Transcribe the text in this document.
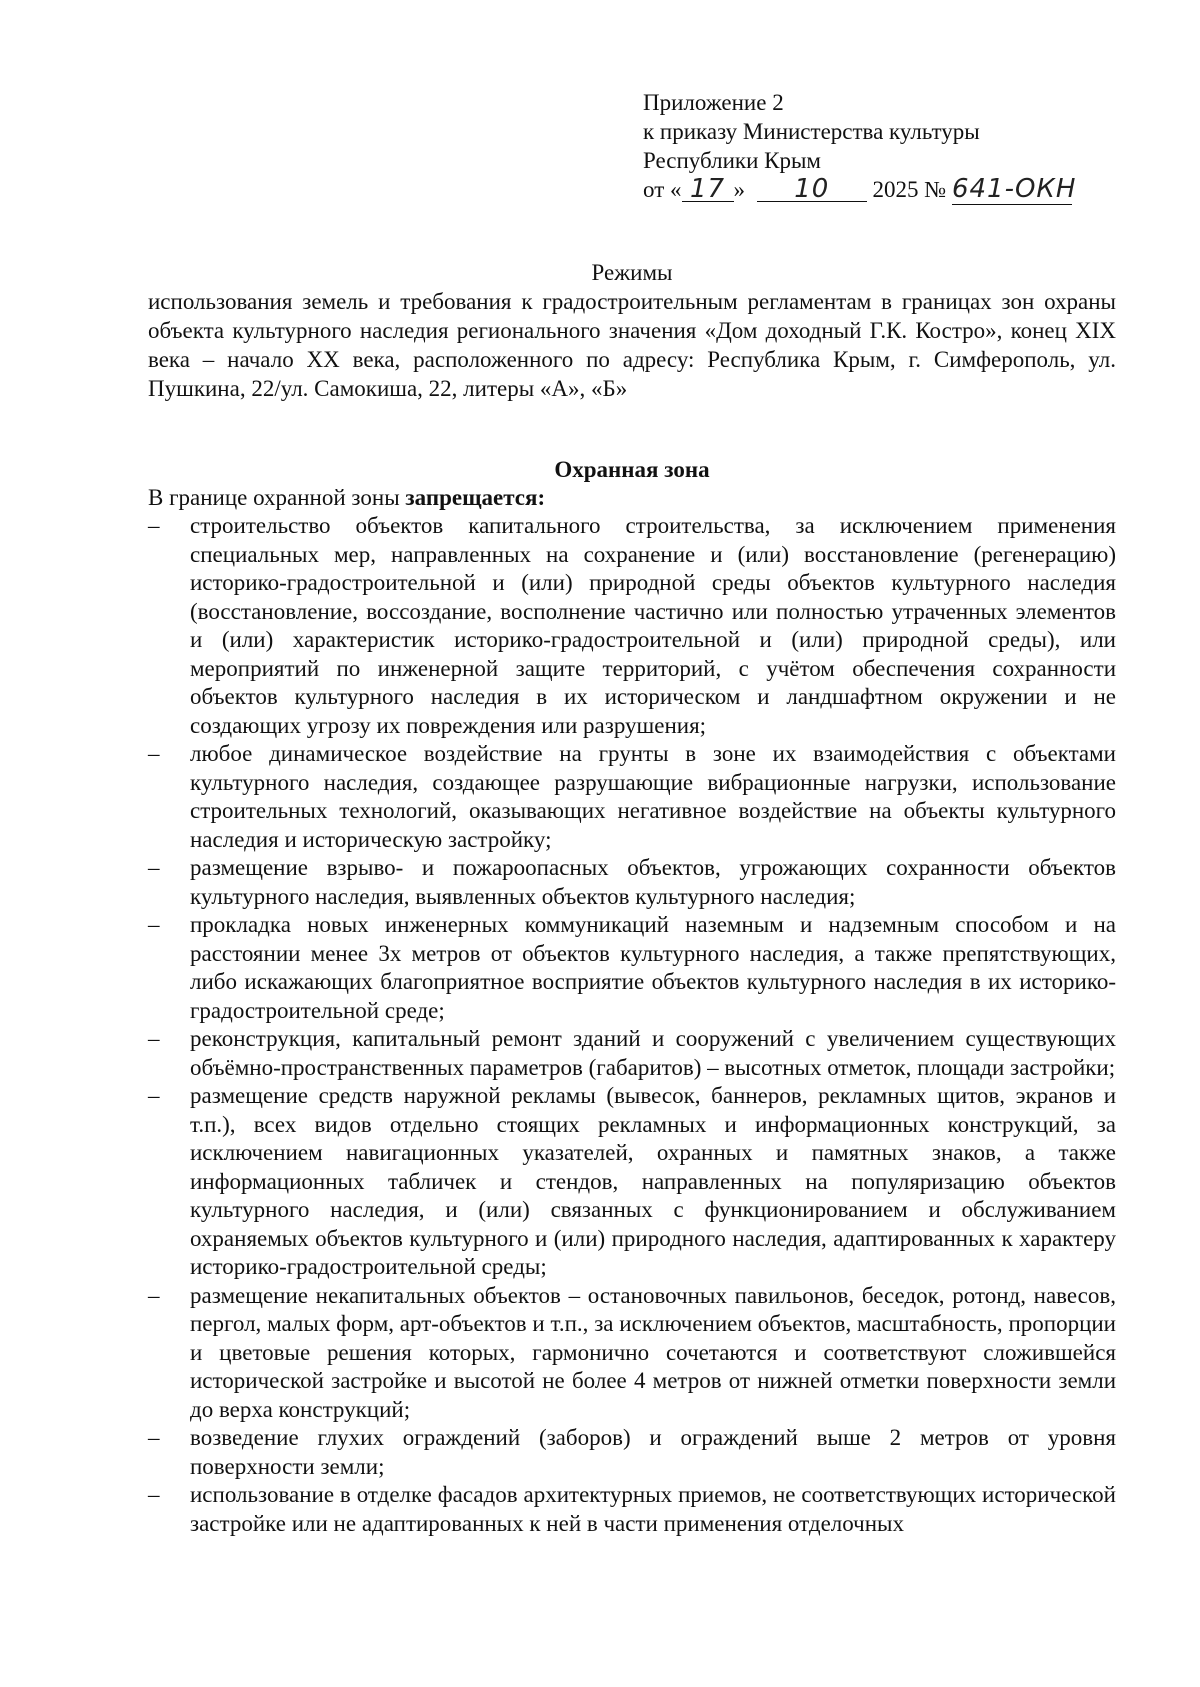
Приложение 2
к приказу Министерства культуры
Республики Крым
от « 17 » 10 2025 № 641-ОКН
Режимы
использования земель и требования к градостроительным регламентам в границах зон охраны объекта культурного наследия регионального значения «Дом доходный Г.К. Костро», конец XIX века – начало XX века, расположенного по адресу: Республика Крым, г. Симферополь, ул. Пушкина, 22/ул. Самокиша, 22, литеры «А», «Б»
Охранная зона
В границе охранной зоны запрещается:
–	строительство объектов капитального строительства, за исключением применения специальных мер, направленных на сохранение и (или) восстановление (регенерацию) историко-градостроительной и (или) природной среды объектов культурного наследия (восстановление, воссоздание, восполнение частично или полностью утраченных элементов и (или) характеристик историко-градостроительной и (или) природной среды), или мероприятий по инженерной защите территорий, с учётом обеспечения сохранности объектов культурного наследия в их историческом и ландшафтном окружении и не создающих угрозу их повреждения или разрушения;
–	любое динамическое воздействие на грунты в зоне их взаимодействия с объектами культурного наследия, создающее разрушающие вибрационные нагрузки, использование строительных технологий, оказывающих негативное воздействие на объекты культурного наследия и историческую застройку;
–	размещение взрыво- и пожароопасных объектов, угрожающих сохранности объектов культурного наследия, выявленных объектов культурного наследия;
–	прокладка новых инженерных коммуникаций наземным и надземным способом и на расстоянии менее 3х метров от объектов культурного наследия, а также препятствующих, либо искажающих благоприятное восприятие объектов культурного наследия в их историко-градостроительной среде;
–	реконструкция, капитальный ремонт зданий и сооружений с увеличением существующих объёмно-пространственных параметров (габаритов) – высотных отметок, площади застройки;
–	размещение средств наружной рекламы (вывесок, баннеров, рекламных щитов, экранов и т.п.), всех видов отдельно стоящих рекламных и информационных конструкций, за исключением навигационных указателей, охранных и памятных знаков, а также информационных табличек и стендов, направленных на популяризацию объектов культурного наследия, и (или) связанных с функционированием и обслуживанием охраняемых объектов культурного и (или) природного наследия, адаптированных к характеру историко-градостроительной среды;
–	размещение некапитальных объектов – остановочных павильонов, беседок, ротонд, навесов, пергол, малых форм, арт-объектов и т.п., за исключением объектов, масштабность, пропорции и цветовые решения которых, гармонично сочетаются и соответствуют сложившейся исторической застройке и высотой не более 4 метров от нижней отметки поверхности земли до верха конструкций;
–	возведение глухих ограждений (заборов) и ограждений выше 2 метров от уровня поверхности земли;
–	использование в отделке фасадов архитектурных приемов, не соответствующих исторической застройке или не адаптированных к ней в части применения отделочных
